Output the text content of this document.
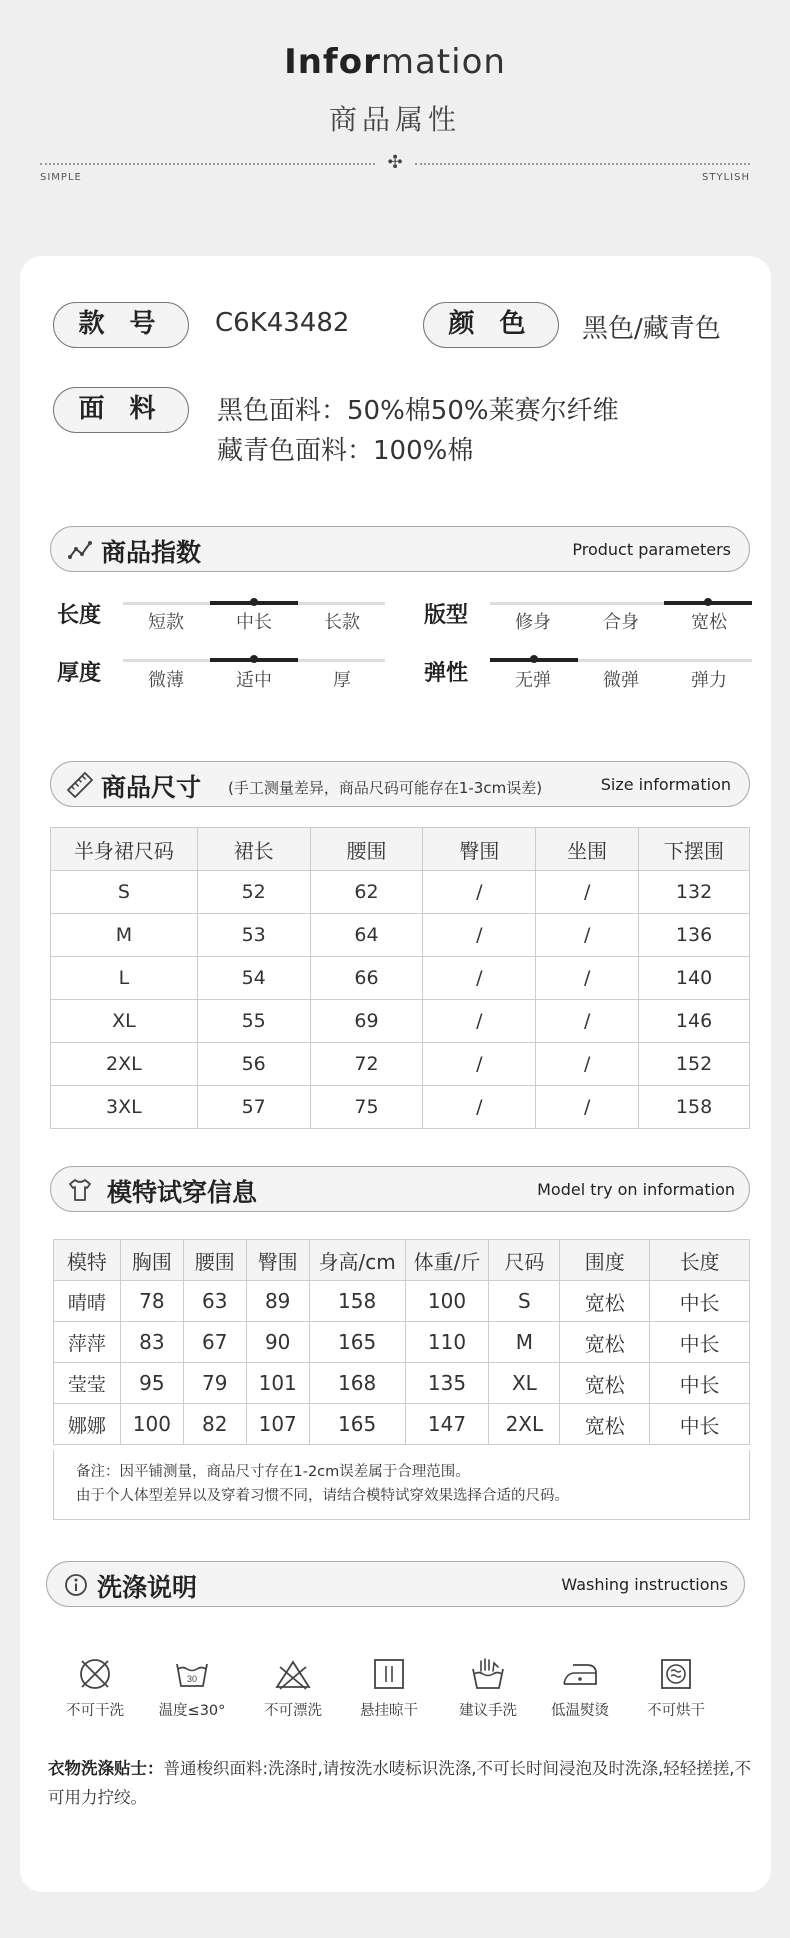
Information
商品属性
✣
SIMPLE	STYLISH
款 号	C6K43482	颜 色	黑色/藏青色
面 料	黑色面料：50%棉50%莱赛尔纤维
藏青色面料：100%棉
商品指数	Product parameters
长度	短款	中长	长款	版型	修身	合身	宽松
厚度	微薄	适中	厚	弹性	无弹	微弹	弹力
商品尺寸 (手工测量差异，商品尺码可能存在1-3cm误差)	Size information
半身裙尺码	裙长	腰围	臀围	坐围	下摆围
S	52	62	/	/	132
M	53	64	/	/	136
L	54	66	/	/	140
XL	55	69	/	/	146
2XL	56	72	/	/	152
3XL	57	75	/	/	158
模特试穿信息	Model try on information
模特	胸围	腰围	臀围	身高/cm	体重/斤	尺码	围度	长度
晴晴	78	63	89	158	100	S	宽松	中长
萍萍	83	67	90	165	110	M	宽松	中长
莹莹	95	79	101	168	135	XL	宽松	中长
娜娜	100	82	107	165	147	2XL	宽松	中长
备注：因平铺测量，商品尺寸存在1-2cm误差属于合理范围。
由于个人体型差异以及穿着习惯不同，请结合模特试穿效果选择合适的尺码。
洗涤说明	Washing instructions
不可干洗
30
温度≤30°	不可漂洗	悬挂晾干	建议手洗	低温熨烫	不可烘干
衣物洗涤贴士：普通梭织面料:洗涤时,请按洗水唛标识洗涤,不可长时间浸泡及时洗涤,轻轻搓搓,不可用力拧绞。
